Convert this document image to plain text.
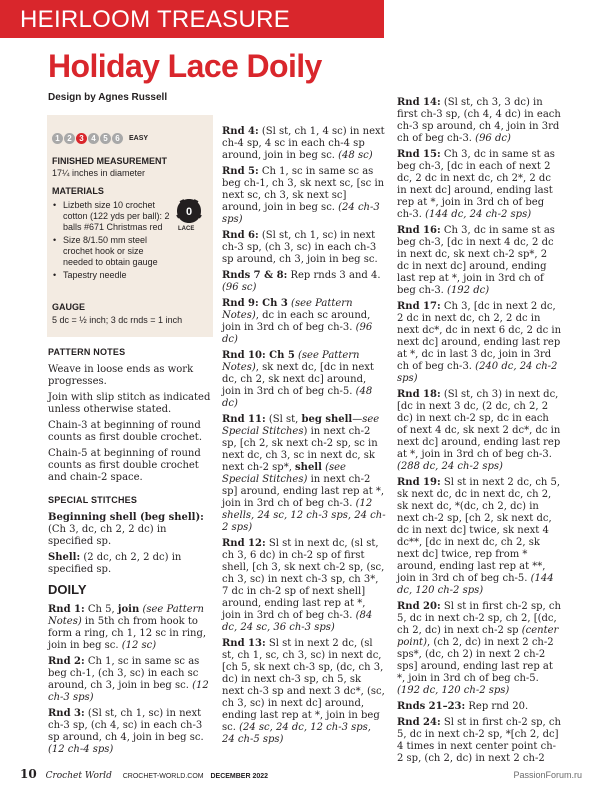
HEIRLOOM TREASURE
Holiday Lace Doily
Design by Agnes Russell
1 2 3 4 5 6	EASY
FINISHED MEASUREMENT
17¼ inches in diameter
MATERIALS
• Lizbeth size 10 crochet cotton (122 yds per ball): 2 balls #671 Christmas red
• Size 8/1.50 mm steel crochet hook or size needed to obtain gauge
• Tapestry needle
0
LACE
GAUGE
5 dc = ½ inch; 3 dc rnds = 1 inch
PATTERN NOTES

Weave in loose ends as work progresses.

Join with slip stitch as indicated unless otherwise stated.

Chain-3 at beginning of round counts as first double crochet.

Chain-5 at beginning of round counts as first double crochet and chain-2 space.

SPECIAL STITCHES

Beginning shell (beg shell): (Ch 3, dc, ch 2, 2 dc) in specified sp.

Shell: (2 dc, ch 2, 2 dc) in specified sp.

DOILY

Rnd 1: Ch 5, join (see Pattern Notes) in 5th ch from hook to form a ring, ch 1, 12 sc in ring, join in beg sc. (12 sc)

Rnd 2: Ch 1, sc in same sc as beg ch-1, (ch 3, sc) in each sc around, ch 3, join in beg sc. (12 ch-3 sps)

Rnd 3: (Sl st, ch 1, sc) in next ch-3 sp, (ch 4, sc) in each ch-3 sp around, ch 4, join in beg sc. (12 ch-4 sps)

Rnd 4: (Sl st, ch 1, 4 sc) in next ch-4 sp, 4 sc in each ch-4 sp around, join in beg sc. (48 sc)

Rnd 5: Ch 1, sc in same sc as beg ch-1, ch 3, sk next sc, [sc in next sc, ch 3, sk next sc] around, join in beg sc. (24 ch-3 sps)

Rnd 6: (Sl st, ch 1, sc) in next ch-3 sp, (ch 3, sc) in each ch-3 sp around, ch 3, join in beg sc.

Rnds 7 & 8: Rep rnds 3 and 4. (96 sc)

Rnd 9: Ch 3 (see Pattern Notes), dc in each sc around, join in 3rd ch of beg ch-3. (96 dc)

Rnd 10: Ch 5 (see Pattern Notes), sk next dc, [dc in next dc, ch 2, sk next dc] around, join in 3rd ch of beg ch-5. (48 dc)

Rnd 11: (Sl st, beg shell—see Special Stitches) in next ch-2 sp, [ch 2, sk next ch-2 sp, sc in next dc, ch 3, sc in next dc, sk next ch-2 sp*, shell (see Special Stitches) in next ch-2 sp] around, ending last rep at *, join in 3rd ch of beg ch-3. (12 shells, 24 sc, 12 ch-3 sps, 24 ch-2 sps)

Rnd 12: Sl st in next dc, (sl st, ch 3, 6 dc) in ch-2 sp of first shell, [ch 3, sk next ch-2 sp, (sc, ch 3, sc) in next ch-3 sp, ch 3*, 7 dc in ch-2 sp of next shell] around, ending last rep at *, join in 3rd ch of beg ch-3. (84 dc, 24 sc, 36 ch-3 sps)

Rnd 13: Sl st in next 2 dc, (sl st, ch 1, sc, ch 3, sc) in next dc, [ch 5, sk next ch-3 sp, (dc, ch 3, dc) in next ch-3 sp, ch 5, sk next ch-3 sp and next 3 dc*, (sc, ch 3, sc) in next dc] around, ending last rep at *, join in beg sc. (24 sc, 24 dc, 12 ch-3 sps, 24 ch-5 sps)

Rnd 14: (Sl st, ch 3, 3 dc) in first ch-3 sp, (ch 4, 4 dc) in each ch-3 sp around, ch 4, join in 3rd ch of beg ch-3. (96 dc)

Rnd 15: Ch 3, dc in same st as beg ch-3, [dc in each of next 2 dc, 2 dc in next dc, ch 2*, 2 dc in next dc] around, ending last rep at *, join in 3rd ch of beg ch-3. (144 dc, 24 ch-2 sps)

Rnd 16: Ch 3, dc in same st as beg ch-3, [dc in next 4 dc, 2 dc in next dc, sk next ch-2 sp*, 2 dc in next dc] around, ending last rep at *, join in 3rd ch of beg ch-3. (192 dc)

Rnd 17: Ch 3, [dc in next 2 dc, 2 dc in next dc, ch 2, 2 dc in next dc*, dc in next 6 dc, 2 dc in next dc] around, ending last rep at *, dc in last 3 dc, join in 3rd ch of beg ch-3. (240 dc, 24 ch-2 sps)

Rnd 18: (Sl st, ch 3) in next dc, [dc in next 3 dc, (2 dc, ch 2, 2 dc) in next ch-2 sp, dc in each of next 4 dc, sk next 2 dc*, dc in next dc] around, ending last rep at *, join in 3rd ch of beg ch-3. (288 dc, 24 ch-2 sps)

Rnd 19: Sl st in next 2 dc, ch 5, sk next dc, dc in next dc, ch 2, sk next dc, *(dc, ch 2, dc) in next ch-2 sp, [ch 2, sk next dc, dc in next dc] twice, sk next 4 dc**, [dc in next dc, ch 2, sk next dc] twice, rep from * around, ending last rep at **, join in 3rd ch of beg ch-5. (144 dc, 120 ch-2 sps)

Rnd 20: Sl st in first ch-2 sp, ch 5, dc in next ch-2 sp, ch 2, [(dc, ch 2, dc) in next ch-2 sp (center point), (ch 2, dc) in next 2 ch-2 sps*, (dc, ch 2) in next 2 ch-2 sps] around, ending last rep at *, join in 3rd ch of beg ch-5. (192 dc, 120 ch-2 sps)

Rnds 21–23: Rep rnd 20.

Rnd 24: Sl st in first ch-2 sp, ch 5, dc in next ch-2 sp, *[ch 2, dc] 4 times in next center point ch-2 sp, (ch 2, dc) in next 2 ch-2

10 Crochet World CROCHET-WORLD.COM DECEMBER 2022	PassionForum.ru
